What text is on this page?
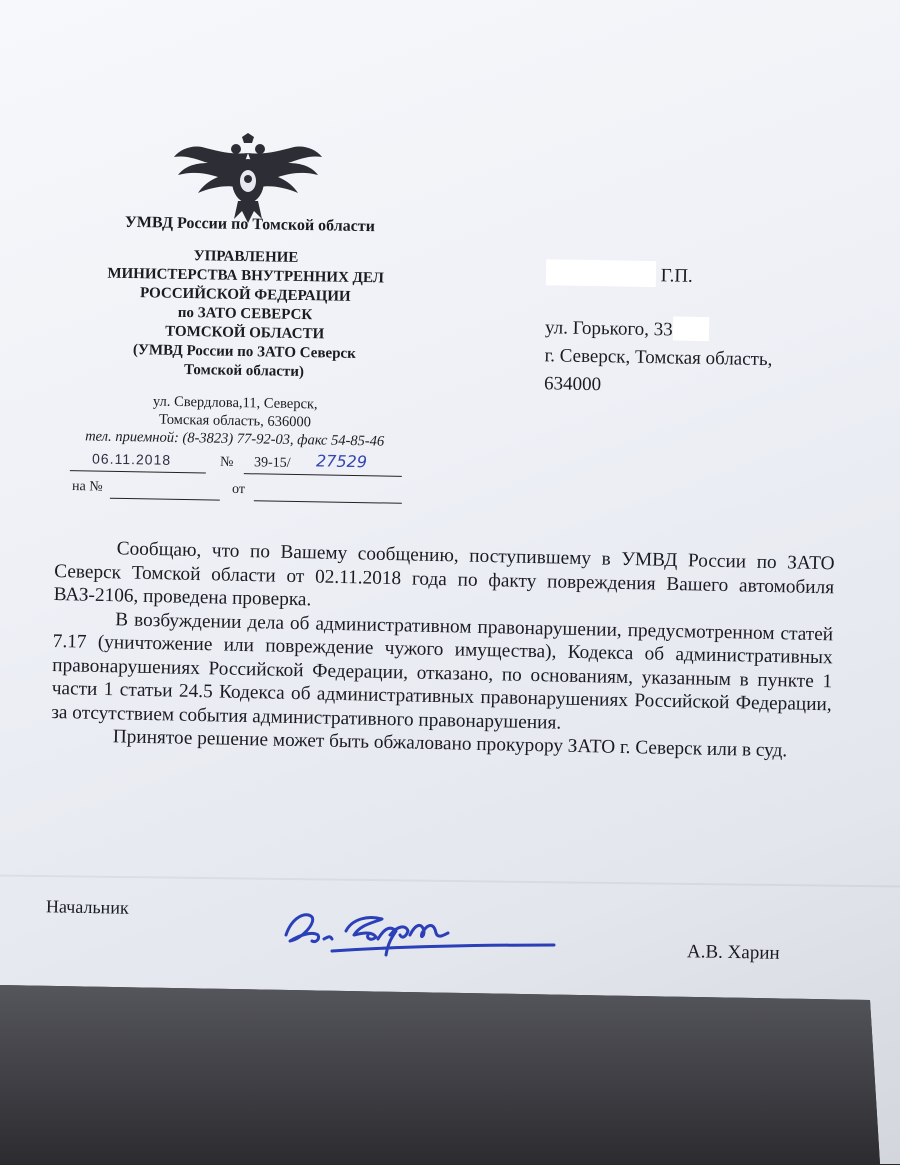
УМВД России по Томской области
УПРАВЛЕНИЕ
МИНИСТЕРСТВА ВНУТРЕННИХ ДЕЛ
РОССИЙСКОЙ ФЕДЕРАЦИИ
по ЗАТО СЕВЕРСК
ТОМСКОЙ ОБЛАСТИ
(УМВД России по ЗАТО Северск
Томской области)
ул. Свердлова,11, Северск,
Томская область, 636000
тел. приемной: (8-3823) 77-92-03, факс 54-85-46
06.11.2018	№ 39-15/ 27529
на №	от
Г.П.
ул. Горького, 33
г. Северск, Томская область,
634000

Сообщаю, что по Вашему сообщению, поступившему в УМВД России по ЗАТО Северск Томской области от 02.11.2018 года по факту повреждения Вашего автомобиля ВАЗ-2106, проведена проверка.

В возбуждении дела об административном правонарушении, предусмотренном статей 7.17 (уничтожение или повреждение чужого имущества), Кодекса об административных правонарушениях Российской Федерации, отказано, по основаниям, указанным в пункте 1 части 1 статьи 24.5 Кодекса об административных правонарушениях Российской Федерации, за отсутствием события административного правонарушения.

Принятое решение может быть обжаловано прокурору ЗАТО г. Северск или в суд.

Начальник
А.В. Харин
